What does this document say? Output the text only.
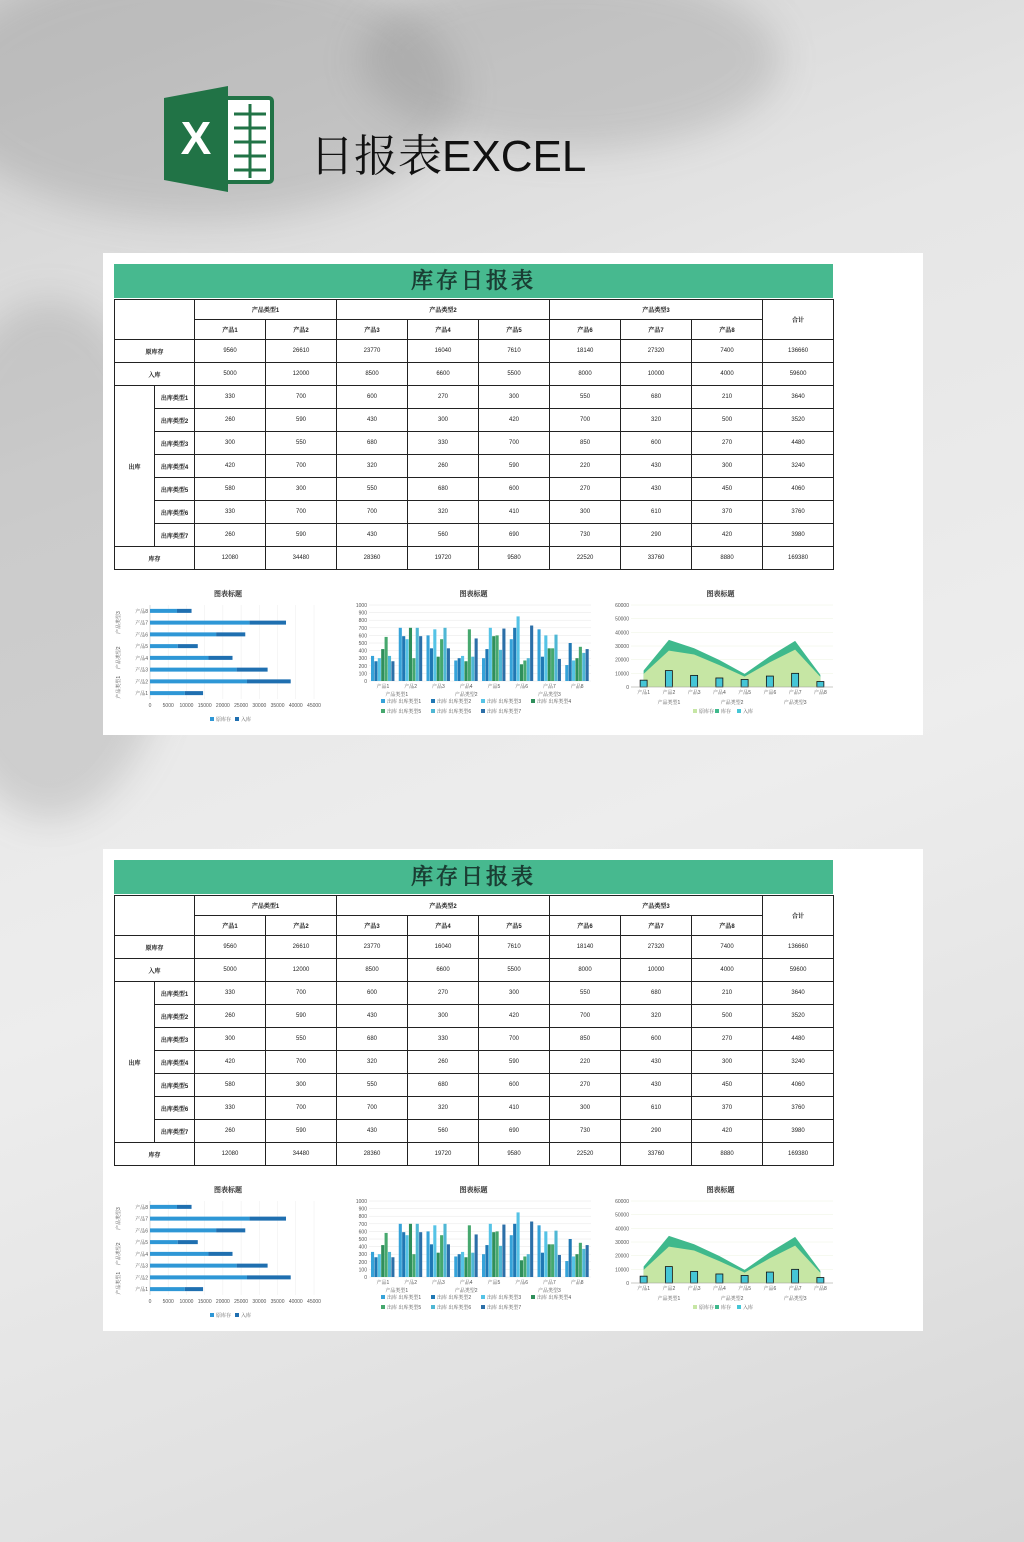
X 日报表EXCEL
库存日报表
		产品类型1		产品类型2			产品类型3			合计
		产品1	产品2	产品3	产品4	产品5	产品6	产品7	产品8	
原库存		9560	26610	23770	16040	7610	18140	27320	7400	136660
入库		5000	12000	8500	6600	5500	8000	10000	4000	59600
出库	出库类型1	330	700	600	270	300	550	680	210	3640
	出库类型2	260	590	430	300	420	700	320	500	3520
	出库类型3	300	550	680	330	700	850	600	270	4480
	出库类型4	420	700	320	260	590	220	430	300	3240
	出库类型5	580	300	550	680	600	270	430	450	4060
	出库类型6	330	700	700	320	410	300	610	370	3760
	出库类型7	260	590	430	560	690	730	290	420	3980
库存		12080	34480	28360	19720	9580	22520	33760	8880	169380
图表标题
0 5000 10000 15000 20000 25000 30000 35000 40000 45000
产品8
产品7
产品6
产品5
产品4
产品3
产品2
产品1
产品类型3
产品类型2
产品类型1
原库存 入库
图表标题
0
100
200
300
400
500
600
700
800
900
1000
产品1	产品2	产品3	产品4	产品5	产品6	产品7	产品8
产品类型1	产品类型2	产品类型3
出库 出库类型1	出库 出库类型2	出库 出库类型3	出库 出库类型4
出库 出库类型5	出库 出库类型6	出库 出库类型7
图表标题
0
10000
20000
30000
40000
50000
60000
产品1 产品2 产品3 产品4 产品5 产品6 产品7 产品8
产品类型1	产品类型2	产品类型3
原库存 库存 入库
库存日报表
		产品类型1		产品类型2			产品类型3			合计
		产品1	产品2	产品3	产品4	产品5	产品6	产品7	产品8	
原库存		9560	26610	23770	16040	7610	18140	27320	7400	136660
入库		5000	12000	8500	6600	5500	8000	10000	4000	59600
出库	出库类型1	330	700	600	270	300	550	680	210	3640
	出库类型2	260	590	430	300	420	700	320	500	3520
	出库类型3	300	550	680	330	700	850	600	270	4480
	出库类型4	420	700	320	260	590	220	430	300	3240
	出库类型5	580	300	550	680	600	270	430	450	4060
	出库类型6	330	700	700	320	410	300	610	370	3760
	出库类型7	260	590	430	560	690	730	290	420	3980
库存		12080	34480	28360	19720	9580	22520	33760	8880	169380
图表标题
0 5000 10000 15000 20000 25000 30000 35000 40000 45000
产品8
产品7
产品6
产品5
产品4
产品3
产品2
产品1
产品类型3
产品类型2
产品类型1
原库存 入库
图表标题
0
100
200
300
400
500
600
700
800
900
1000
产品1	产品2	产品3	产品4	产品5	产品6	产品7	产品8
产品类型1	产品类型2	产品类型3
出库 出库类型1	出库 出库类型2	出库 出库类型3	出库 出库类型4
出库 出库类型5	出库 出库类型6	出库 出库类型7
图表标题
0
10000
20000
30000
40000
50000
60000
产品1 产品2 产品3 产品4 产品5 产品6 产品7 产品8
产品类型1	产品类型2	产品类型3
原库存 库存 入库
